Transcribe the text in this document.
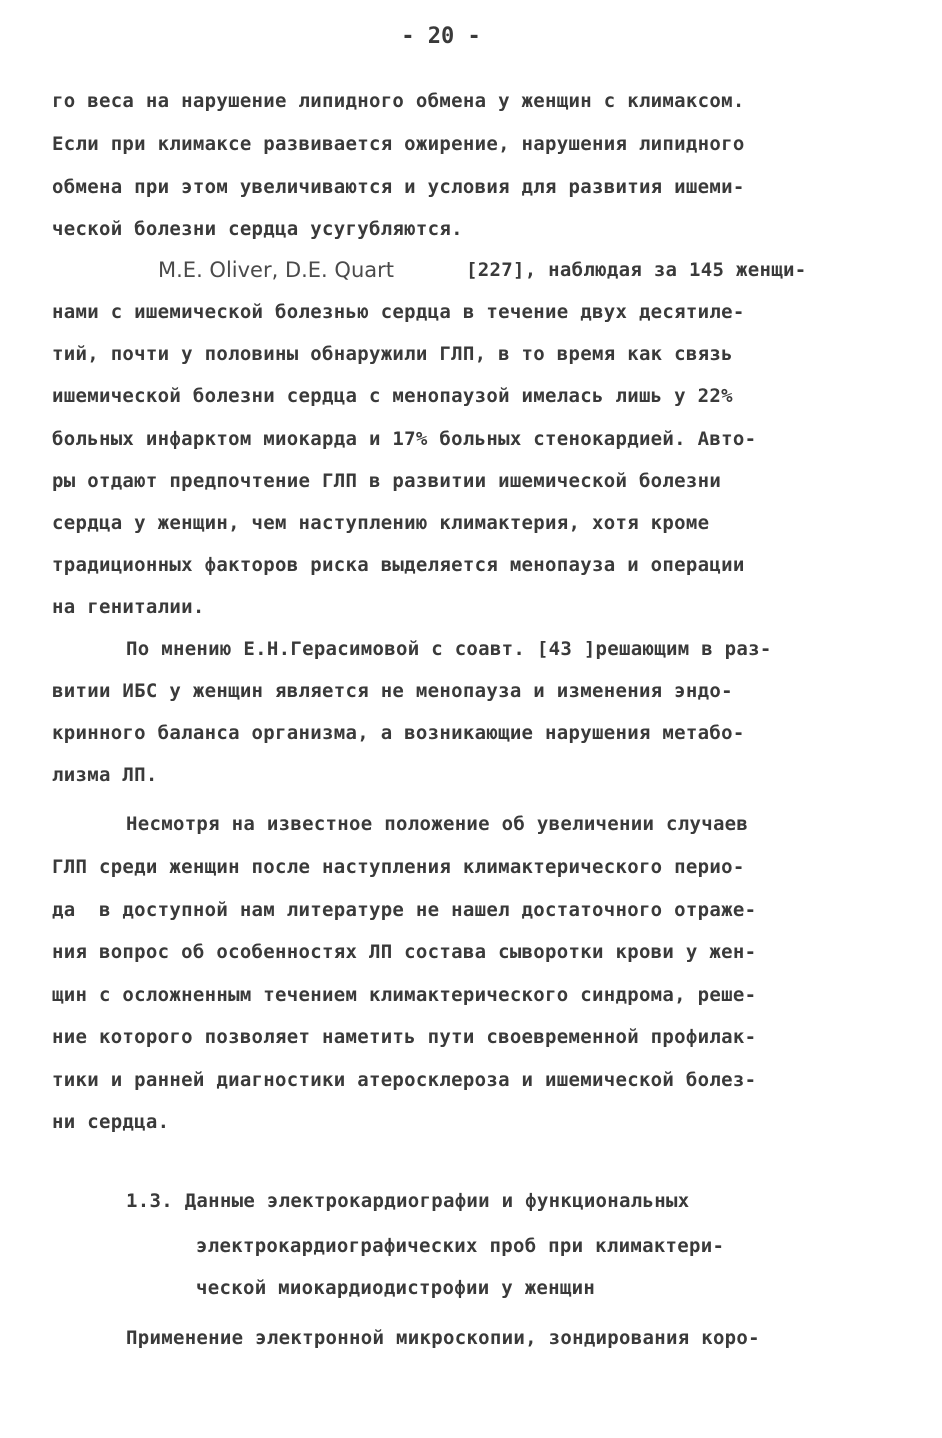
- 20 -
го веса на нарушение липидного обмена у женщин с климаксом.
Если при климаксе развивается ожирение, нарушения липидного
обмена при этом увеличиваются и условия для развития ишеми-
ческой болезни сердца усугубляются.
M.E. Oliver, D.E. Quart	[227], наблюдая за 145 женщи-
нами с ишемической болезнью сердца в течение двух десятиле-
тий, почти у половины обнаружили ГЛП, в то время как связь
ишемической болезни сердца с менопаузой имелась лишь у 22%
больных инфарктом миокарда и 17% больных стенокардией. Авто-
ры отдают предпочтение ГЛП в развитии ишемической болезни
сердца у женщин, чем наступлению климактерия, хотя кроме
традиционных факторов риска выделяется менопауза и операции
на гениталии.
По мнению Е.Н.Герасимовой с соавт. [43 ]решающим в раз-
витии ИБС у женщин является не менопауза и изменения эндо-
кринного баланса организма, а возникающие нарушения метабо-
лизма ЛП.
Несмотря на известное положение об увеличении случаев
ГЛП среди женщин после наступления климактерического перио-
да  в доступной нам литературе не нашел достаточного отраже-
ния вопрос об особенностях ЛП состава сыворотки крови у жен-
щин с осложненным течением климактерического синдрома, реше-
ние которого позволяет наметить пути своевременной профилак-
тики и ранней диагностики атеросклероза и ишемической болез-
ни сердца.
1.3. Данные электрокардиографии и функциональных
электрокардиографических проб при климактери-
ческой миокардиодистрофии у женщин
Применение электронной микроскопии, зондирования коро-
